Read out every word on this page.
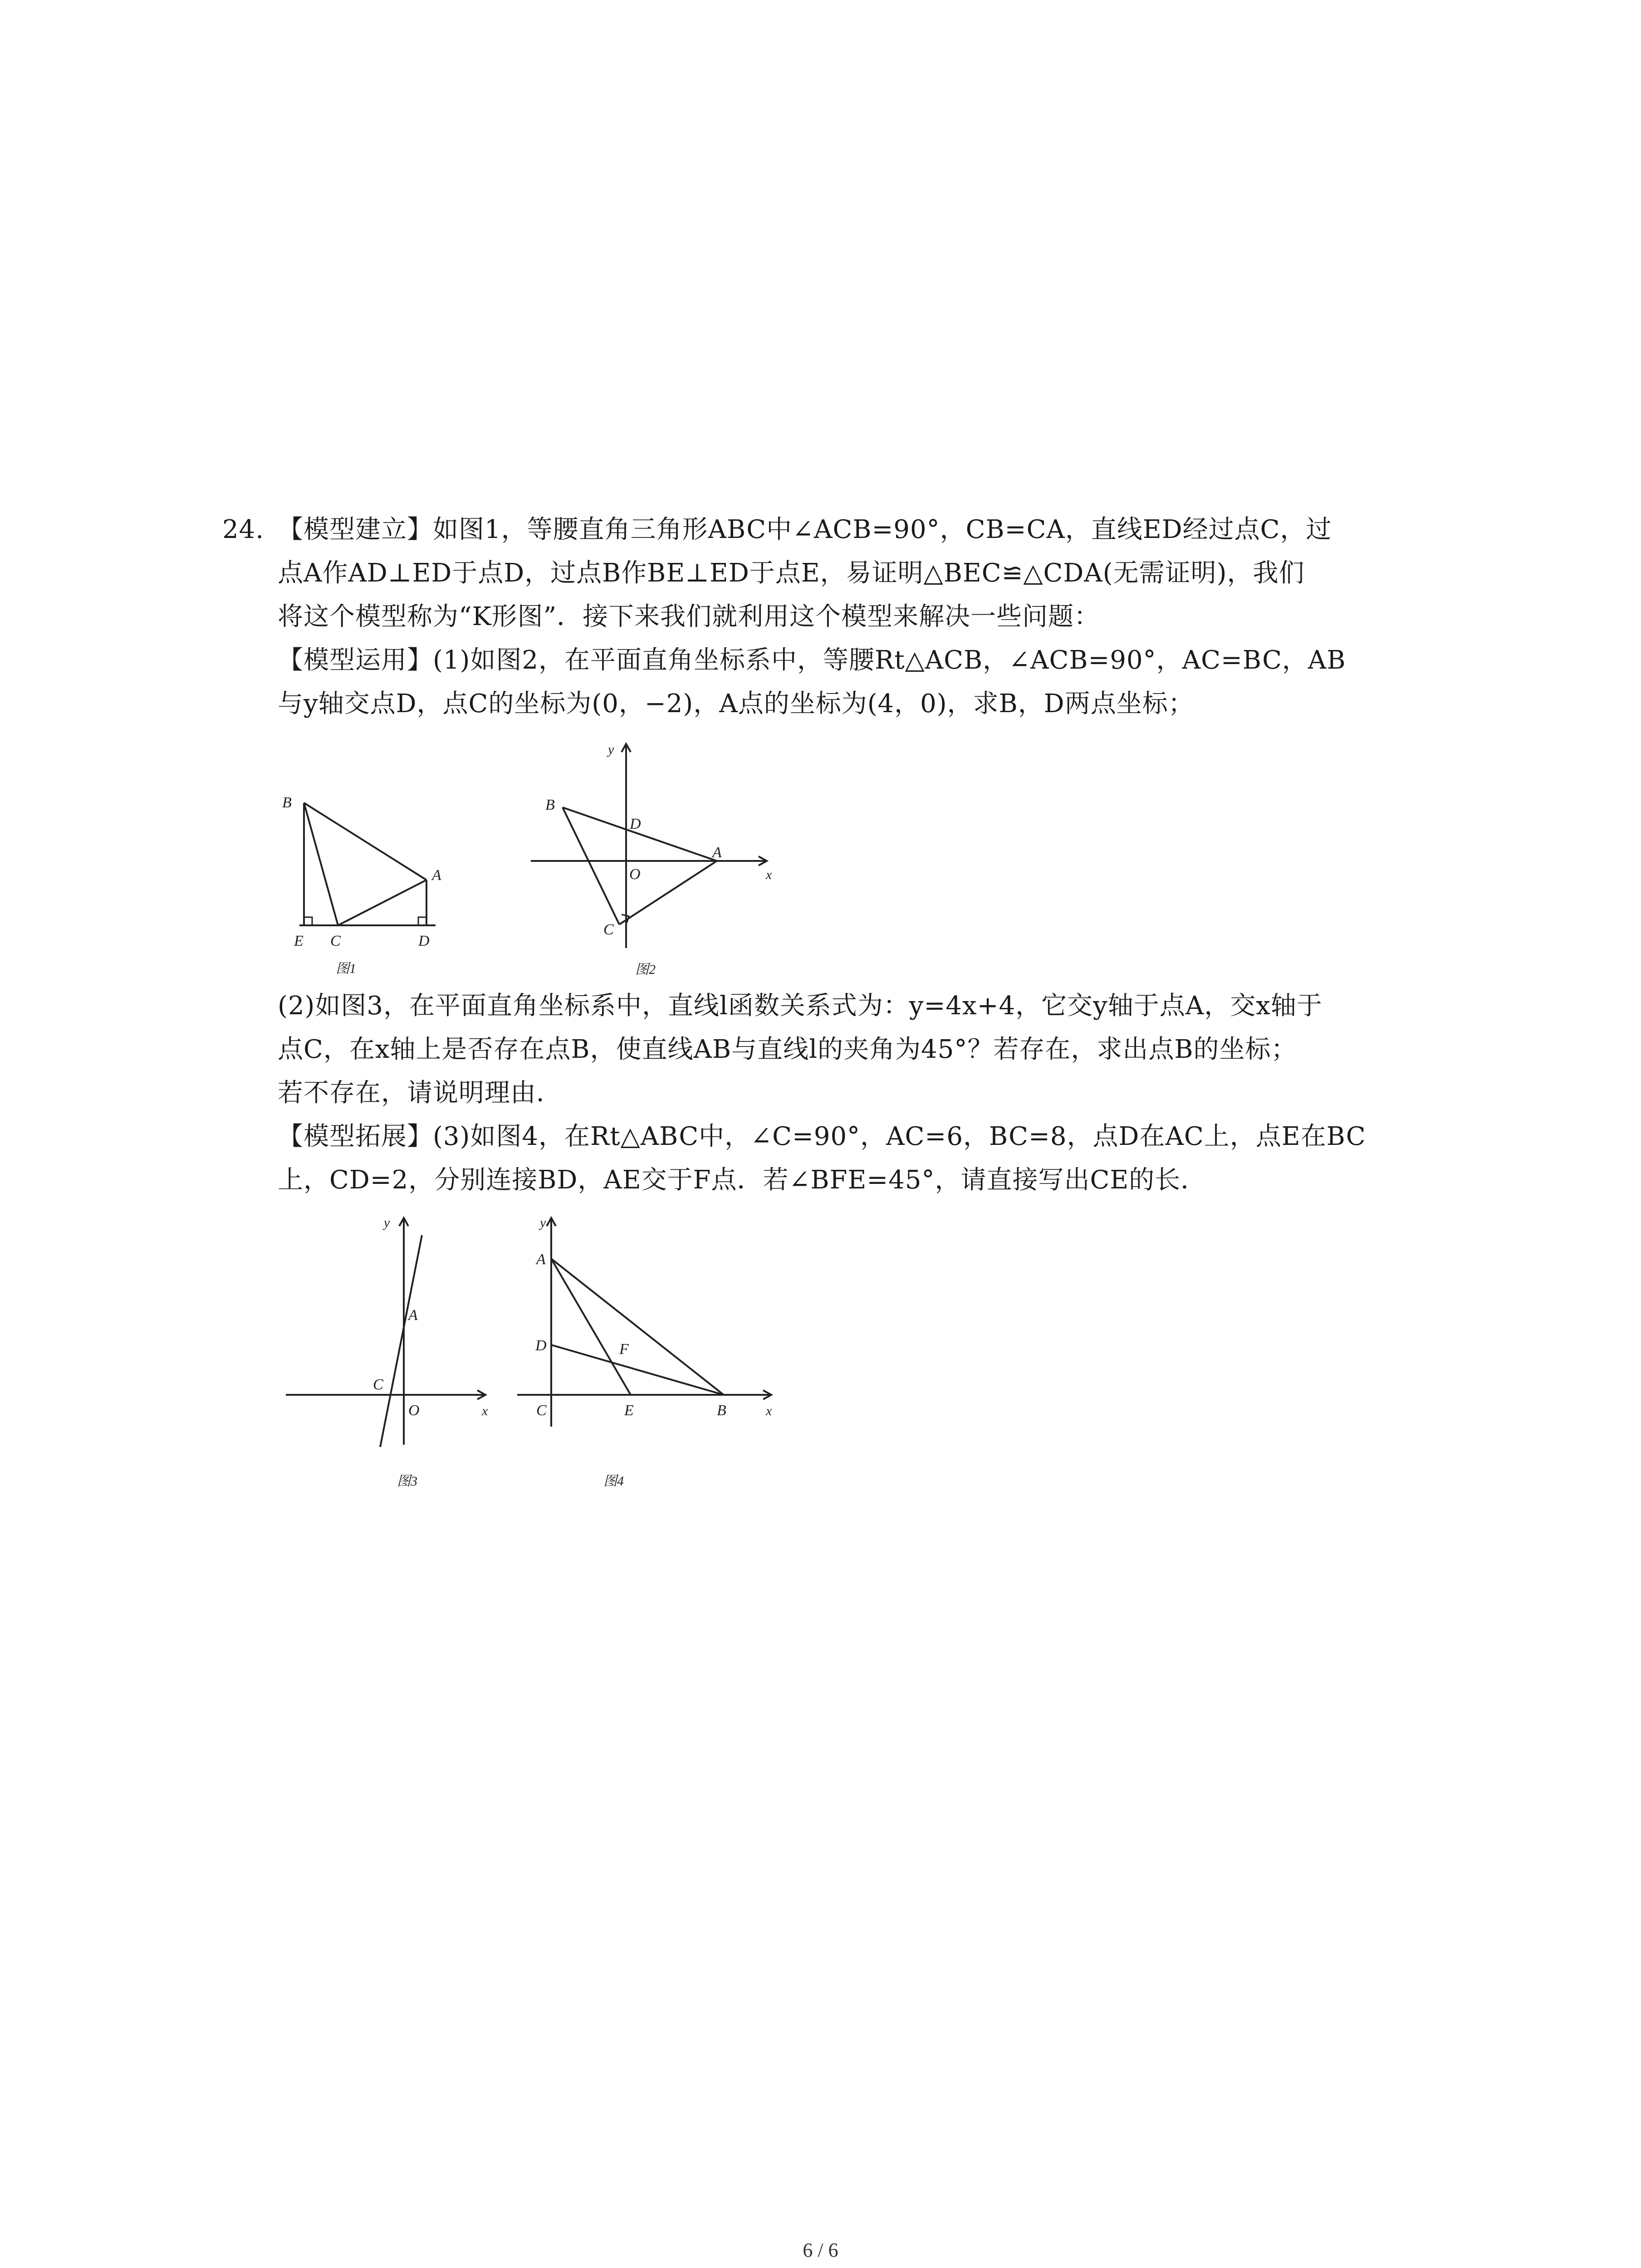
24. 【模型建立】如图1，等腰直角三角形ABC中∠ACB=90°，CB=CA，直线ED经过点C，过
点A作AD⊥ED于点D，过点B作BE⊥ED于点E，易证明△BEC≌△CDA(无需证明)，我们
将这个模型称为“K形图”．接下来我们就利用这个模型来解决一些问题：
【模型运用】(1)如图2，在平面直角坐标系中，等腰Rt△ACB，∠ACB=90°，AC=BC，AB
与y轴交点D，点C的坐标为(0，−2)，A点的坐标为(4，0)，求B，D两点坐标；
B
A
E C	D
图1
y
x
B
D
A
O
C
图2
(2)如图3，在平面直角坐标系中，直线l函数关系式为：y=4x+4，它交y轴于点A，交x轴于
点C，在x轴上是否存在点B，使直线AB与直线l的夹角为45°？若存在，求出点B的坐标；
若不存在，请说明理由．
【模型拓展】(3)如图4，在Rt△ABC中，∠C=90°，AC=6，BC=8，点D在AC上，点E在BC
上，CD=2，分别连接BD，AE交于F点．若∠BFE=45°，请直接写出CE的长．
y
x
A
C
O
图3
y
x
A
D	F
C	E	B
图4
6 / 6
